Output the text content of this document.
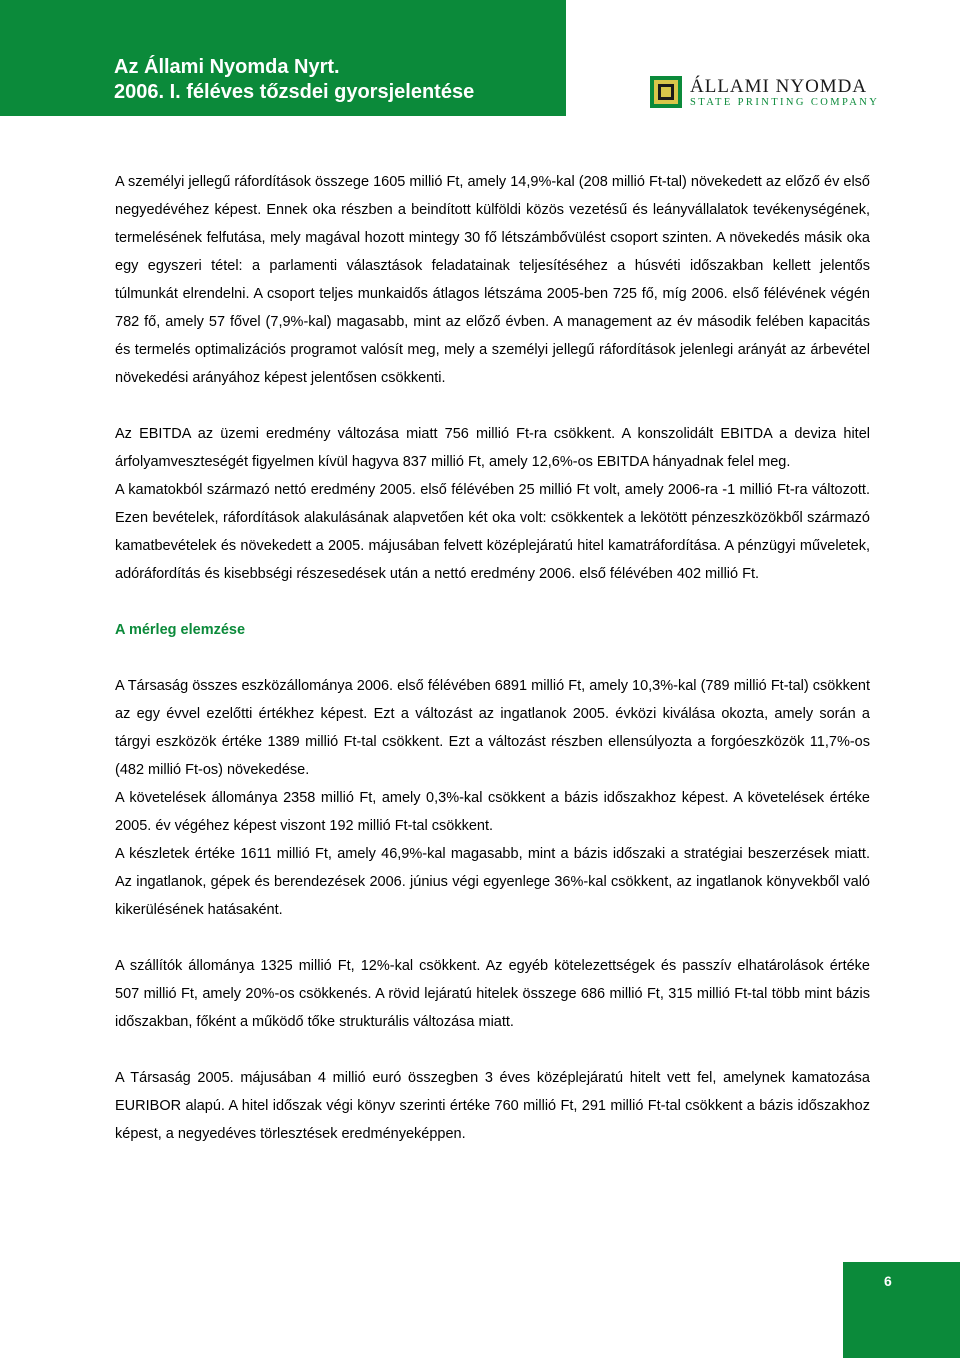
Az Állami Nyomda Nyrt.
2006. I. féléves tőzsdei gyorsjelentése	ÁLLAMI NYOMDA
STATE PRINTING COMPANY

A személyi jellegű ráfordítások összege 1605 millió Ft, amely 14,9%-kal (208 millió Ft-tal) növekedett az előző év első negyedévéhez képest. Ennek oka részben a beindított külföldi közös vezetésű és leányvállalatok tevékenységének, termelésének felfutása, mely magával hozott mintegy 30 fő létszámbővülést csoport szinten. A növekedés másik oka egy egyszeri tétel: a parlamenti választások feladatainak teljesítéséhez a húsvéti időszakban kellett jelentős túlmunkát elrendelni. A csoport teljes munkaidős átlagos létszáma 2005-ben 725 fő, míg 2006. első félévének végén 782 fő, amely 57 fővel (7,9%-kal) magasabb, mint az előző évben. A management az év második felében kapacitás és termelés optimalizációs programot valósít meg, mely a személyi jellegű ráfordítások jelenlegi arányát az árbevétel növekedési arányához képest jelentősen csökkenti.

Az EBITDA az üzemi eredmény változása miatt 756 millió Ft-ra csökkent. A konszolidált EBITDA a deviza hitel árfolyamveszteségét figyelmen kívül hagyva 837 millió Ft, amely 12,6%-os EBITDA hányadnak felel meg.

A kamatokból származó nettó eredmény 2005. első félévében 25 millió Ft volt, amely 2006-ra -1 millió Ft-ra változott. Ezen bevételek, ráfordítások alakulásának alapvetően két oka volt: csökkentek a lekötött pénzeszközökből származó kamatbevételek és növekedett a 2005. májusában felvett középlejáratú hitel kamatráfordítása. A pénzügyi műveletek, adóráfordítás és kisebbségi részesedések után a nettó eredmény 2006. első félévében 402 millió Ft.

A mérleg elemzése

A Társaság összes eszközállománya 2006. első félévében 6891 millió Ft, amely 10,3%-kal (789 millió Ft-tal) csökkent az egy évvel ezelőtti értékhez képest. Ezt a változást az ingatlanok 2005. évközi kiválása okozta, amely során a tárgyi eszközök értéke 1389 millió Ft-tal csökkent. Ezt a változást részben ellensúlyozta a forgóeszközök 11,7%-os (482 millió Ft-os) növekedése.

A követelések állománya 2358 millió Ft, amely 0,3%-kal csökkent a bázis időszakhoz képest. A követelések értéke 2005. év végéhez képest viszont 192 millió Ft-tal csökkent.

A készletek értéke 1611 millió Ft, amely 46,9%-kal magasabb, mint a bázis időszaki a stratégiai beszerzések miatt. Az ingatlanok, gépek és berendezések 2006. június végi egyenlege 36%-kal csökkent, az ingatlanok könyvekből való kikerülésének hatásaként.

A szállítók állománya 1325 millió Ft, 12%-kal csökkent. Az egyéb kötelezettségek és passzív elhatárolások értéke 507 millió Ft, amely 20%-os csökkenés. A rövid lejáratú hitelek összege 686 millió Ft, 315 millió Ft-tal több mint bázis időszakban, főként a működő tőke strukturális változása miatt.

A Társaság 2005. májusában 4 millió euró összegben 3 éves középlejáratú hitelt vett fel, amelynek kamatozása EURIBOR alapú. A hitel időszak végi könyv szerinti értéke 760 millió Ft, 291 millió Ft-tal csökkent a bázis időszakhoz képest, a negyedéves törlesztések eredményeképpen.

6
